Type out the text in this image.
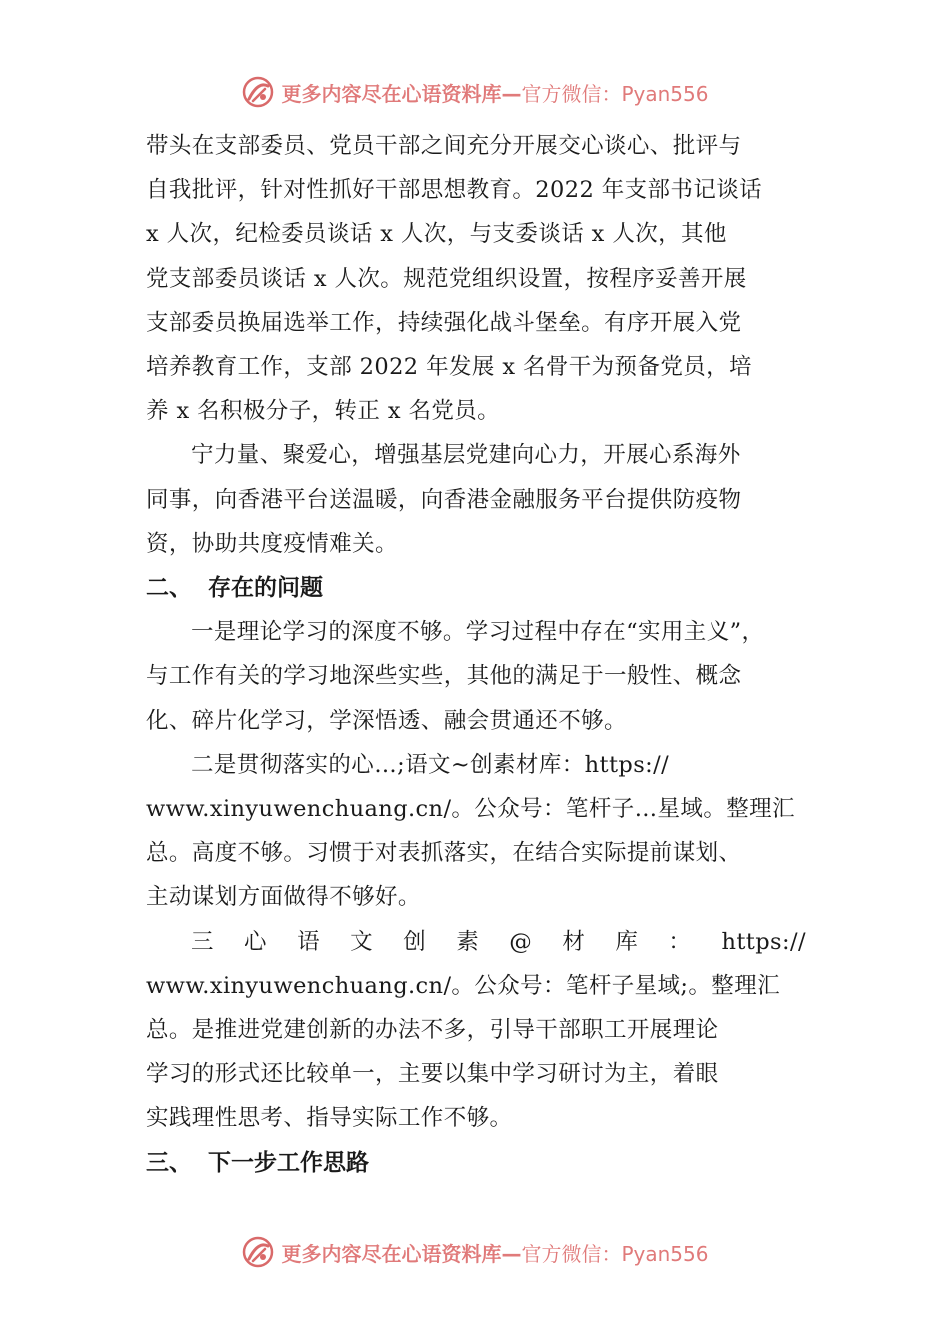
更多内容尽在心语资料库—官方微信：Pyan556

带头在支部委员、党员干部之间充分开展交心谈心、批评与
自我批评，针对性抓好干部思想教育。2022 年支部书记谈话
x 人次，纪检委员谈话 x 人次，与支委谈话 x 人次，其他
党支部委员谈话 x 人次。规范党组织设置，按程序妥善开展
支部委员换届选举工作，持续强化战斗堡垒。有序开展入党
培养教育工作，支部 2022 年发展 x 名骨干为预备党员，培
养 x 名积极分子，转正 x 名党员。

宁力量、聚爱心，增强基层党建向心力，开展心系海外
同事，向香港平台送温暖，向香港金融服务平台提供防疫物
资，协助共度疫情难关。

二、 存在的问题

一是理论学习的深度不够。学习过程中存在“实用主义”，
与工作有关的学习地深些实些，其他的满足于一般性、概念
化、碎片化学习，学深悟透、融会贯通还不够。

二是贯彻落实的心…;语文~创素材库：https://
www.xinyuwenchuang.cn/。公众号：笔杆子…星域。整理汇
总。高度不够。习惯于对表抓落实，在结合实际提前谋划、
主动谋划方面做得不够好。

三 心 语 文 创 素 @ 材 库 ： https://
www.xinyuwenchuang.cn/。公众号：笔杆子星域;。整理汇
总。是推进党建创新的办法不多，引导干部职工开展理论
学习的形式还比较单一，主要以集中学习研讨为主，着眼
实践理性思考、指导实际工作不够。

三、 下一步工作思路

更多内容尽在心语资料库—官方微信：Pyan556
